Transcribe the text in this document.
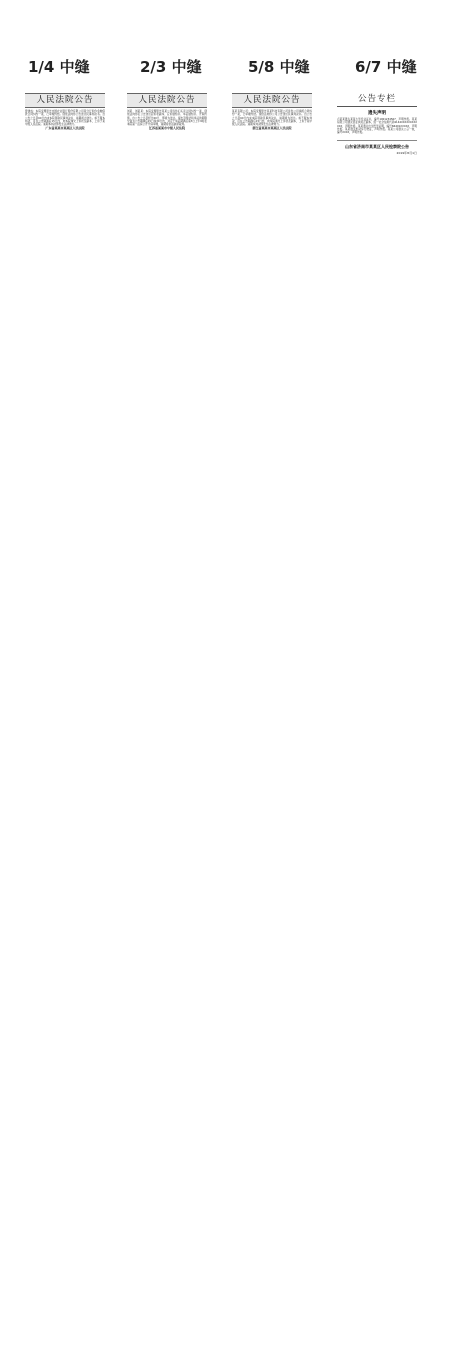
1/4 中缝	2/3 中缝	5/8 中缝	6/7 中缝
人民法院公告

曾建成：本院受理原告中国农业银行股份有限公司某分行诉你金融借款合同纠纷一案，已审理终结。现依法向你公告送达民事判决书。自公告之日起60日内来本院领取民事判决书，逾期视为送达。如不服本判决，可在公告期满后15日内，向本院递交上诉状及副本，上诉于某中级人民法院。逾期本判决即发生法律效力。

广东省某某市某某区人民法院
人民法院公告

刘某、刘某某：本院受理原告某某公司诉你们买卖合同纠纷一案，现依法向你们公告送达起诉状副本、应诉通知书、举证通知书、开庭传票。自公告之日起经过60日，即视为送达。提出答辩状和举证的期限分别为公告期满后15日和30日内，并定于举证期满后第3日上午9时在本院第一法庭公开开庭审理，逾期将依法缺席裁判。

江苏省某某市中级人民法院
人民法院公告

某某有限公司：本院受理原告某某科技有限公司诉你公司承揽合同纠纷一案，已审理终结。现依法向你公司公告送达民事判决书。自公告之日起60日内来本院领取民事判决书，逾期视为送达。如不服本判决，可在公告期满后15日内，向本院递交上诉状及副本，上诉于某中级人民法院。逾期本判决即发生法律效力。

浙江省某某市某某区人民法院
公告专栏
遗失声明

卢某某遗失某某大学毕业证书，编号1001234567，声明作废。某某有限公司遗失营业执照正副本，统一社会信用代码9144XXXXXXXXXXXX，声明作废。某某遗失出生医学证明，编号N4401XXXXX，声明作废。某某遗失机动车行驶证，声明作废。某某公司遗失公章一枚，编号XXXX，声明作废。

山东省济南市某某区人民检察院公告
2019年8月1日
